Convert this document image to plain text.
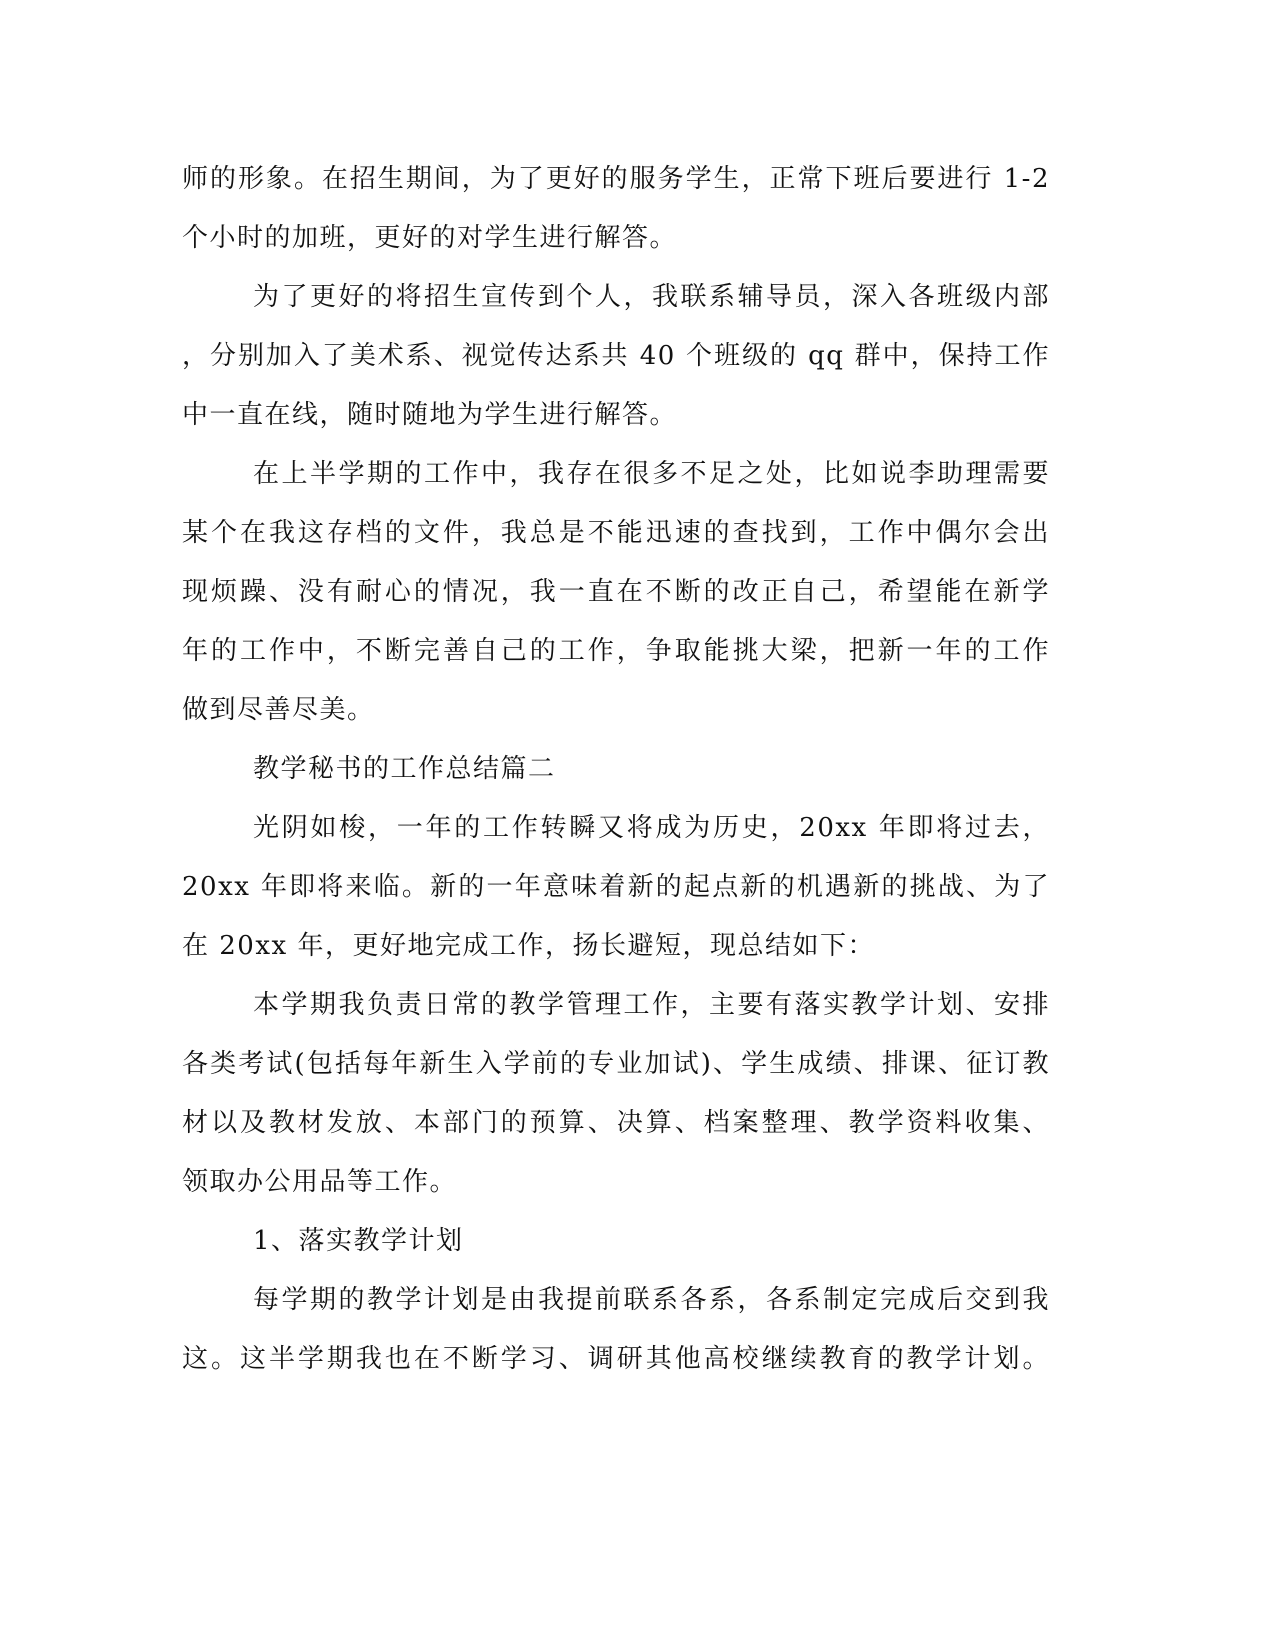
师的形象。在招生期间，为了更好的服务学生，正常下班后要进行 1-2
个小时的加班，更好的对学生进行解答。
为了更好的将招生宣传到个人，我联系辅导员，深入各班级内部
，分别加入了美术系、视觉传达系共 40 个班级的 qq 群中，保持工作
中一直在线，随时随地为学生进行解答。
在上半学期的工作中，我存在很多不足之处，比如说李助理需要
某个在我这存档的文件，我总是不能迅速的查找到，工作中偶尔会出
现烦躁、没有耐心的情况，我一直在不断的改正自己，希望能在新学
年的工作中，不断完善自己的工作，争取能挑大梁，把新一年的工作
做到尽善尽美。
教学秘书的工作总结篇二
光阴如梭，一年的工作转瞬又将成为历史，20xx 年即将过去，
20xx 年即将来临。新的一年意味着新的起点新的机遇新的挑战、为了
在 20xx 年，更好地完成工作，扬长避短，现总结如下：
本学期我负责日常的教学管理工作，主要有落实教学计划、安排
各类考试(包括每年新生入学前的专业加试)、学生成绩、排课、征订教
材以及教材发放、本部门的预算、决算、档案整理、教学资料收集、
领取办公用品等工作。
1、落实教学计划
每学期的教学计划是由我提前联系各系，各系制定完成后交到我
这。这半学期我也在不断学习、调研其他高校继续教育的教学计划。
